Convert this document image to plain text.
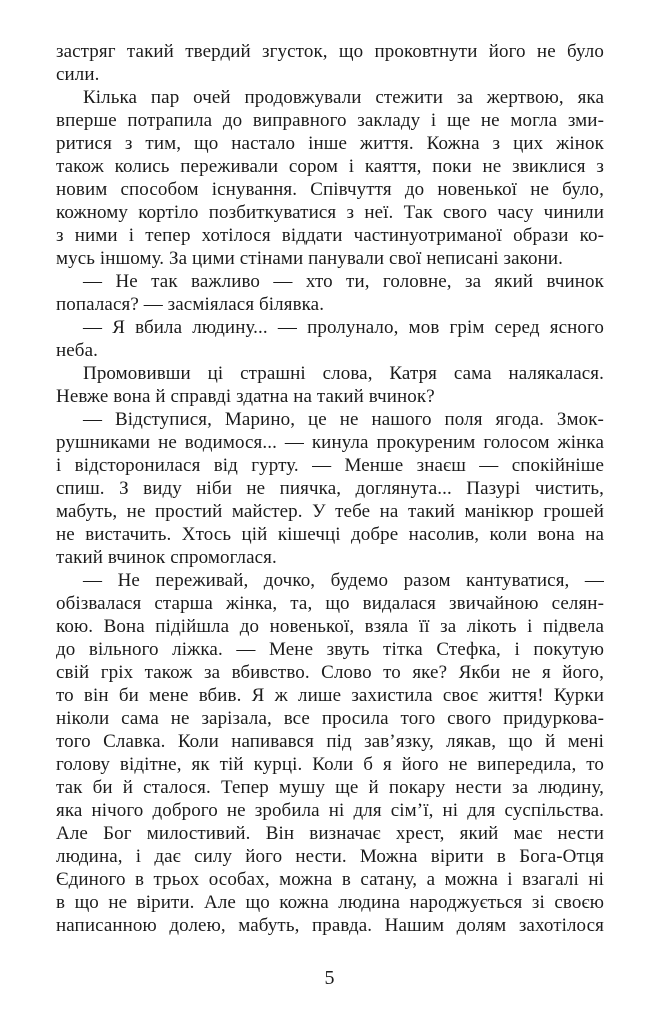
застряг такий твердий згусток, що проковтнути його не було
сили.
Кілька пар очей продовжували стежити за жертвою, яка
вперше потрапила до виправного закладу і ще не могла зми-
ритися з тим, що настало інше життя. Кожна з цих жінок
також колись переживали сором і каяття, поки не звиклися з
новим способом існування. Співчуття до новенької не було,
кожному кортіло позбиткуватися з неї. Так свого часу чинили
з ними і тепер хотілося віддати частинуотриманої образи ко-
мусь іншому. За цими стінами панували свої неписані закони.
— Не так важливо — хто ти, головне, за який вчинок
попалася? — засміялася білявка.
— Я вбила людину... — пролунало, мов грім серед ясного
неба.
Промовивши ці страшні слова, Катря сама налякалася.
Невже вона й справді здатна на такий вчинок?
— Відступися, Марино, це не нашого поля ягода. Змок-
рушниками не водимося... — кинула прокуреним голосом жінка
і відсторонилася від гурту. — Менше знаєш — спокійніше
спиш. З виду ніби не пиячка, доглянута... Пазурі чистить,
мабуть, не простий майстер. У тебе на такий манікюр грошей
не вистачить. Хтось цій кішечці добре насолив, коли вона на
такий вчинок спромоглася.
— Не переживай, дочко, будемо разом кантуватися, —
обізвалася старша жінка, та, що видалася звичайною селян-
кою. Вона підійшла до новенької, взяла її за лікоть і підвела
до вільного ліжка. — Мене звуть тітка Стефка, і покутую
свій гріх також за вбивство. Слово то яке? Якби не я його,
то він би мене вбив. Я ж лише захистила своє життя! Курки
ніколи сама не зарізала, все просила того свого придуркова-
того Славка. Коли напивався під зав’язку, лякав, що й мені
голову відітне, як тій курці. Коли б я його не випередила, то
так би й сталося. Тепер мушу ще й покару нести за людину,
яка нічого доброго не зробила ні для сім’ї, ні для суспільства.
Але Бог милостивий. Він визначає хрест, який має нести
людина, і дає силу його нести. Можна вірити в Бога-Отця
Єдиного в трьох особах, можна в сатану, а можна і взагалі ні
в що не вірити. Але що кожна людина народжується зі своєю
написанною долею, мабуть, правда. Нашим долям захотілося
5
